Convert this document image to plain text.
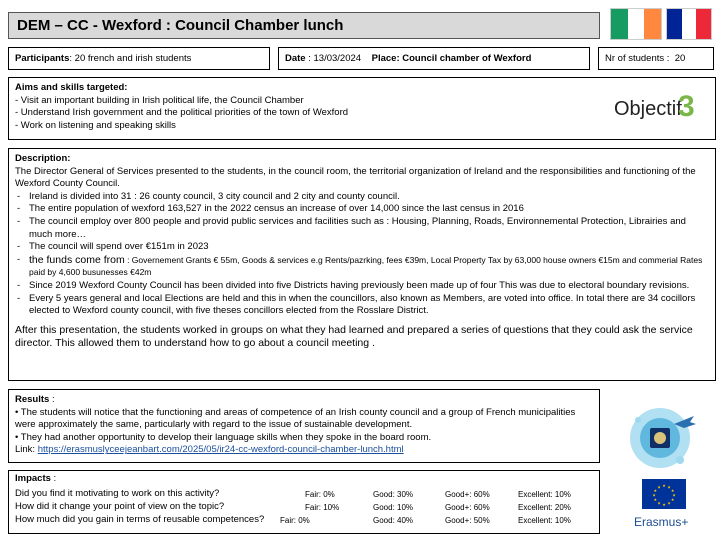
DEM – CC - Wexford : Council Chamber lunch
Participants: 20 french and irish students	Date : 13/03/2024 Place: Council chamber of Wexford	Nr of students : 20
Aims and skills targeted:
- Visit an important building in Irish political life, the Council Chamber
- Understand Irish government and the political priorities of the town of Wexford
- Work on listening and speaking skills
Objectif
3
Description:
The Director General of Services presented to the students, in the council room, the territorial organization of Ireland and the responsibilities and functioning of the Wexford County Council.
- Ireland is divided into 31 : 26 county council, 3 city council and 2 city and county council.
- The entire population of wexford 163,527 in the 2022 census an increase of over 14,000 since the last census in 2016
- The council employ over 800 people and provid public services and facilities such as : Housing, Planning, Roads, Environnemental Protection, Librairies and much more…
- The council will spend over €151m in 2023
- the funds come from : Governement Grants € 55m, Goods & services e.g Rents/pazrking, fees €39m, Local Property Tax by 63,000 house owners €15m and commerial Rates paid by 4,600 busunesses €42m
- Since 2019 Wexford County Council has been divided into five Districts having previously been made up of four This was due to electoral boundary revisions.
- Every 5 years general and local Elections are held and this in when the councillors, also known as Members, are voted into office. In total there are 34 cocillors elected to Wexford county council, with five theses concillors elected from the Rosslare District.
After this presentation, the students worked in groups on what they had learned and prepared a series of questions that they could ask the service director. This allowed them to understand how to go about a council meeting .
Results :
• The students will notice that the functioning and areas of competence of an Irish county council and a group of French municipalities were approximately the same, particularly with regard to the issue of sustainable development.
• They had another opportunity to develop their language skills when they spoke in the board room.
Link: https://erasmuslyceejeanbart.com/2025/05/ir24-cc-wexford-council-chamber-lunch.html
Impacts :
Did you find it motivating to work on this activity?	Fair: 0%	Good: 30%	Good+: 60%	Excellent: 10%
How did it change your point of view on the topic?	Fair: 10%	Good: 10%	Good+: 60%	Excellent: 20%
How much did you gain in terms of reusable competences? Fair: 0%	Good: 40%	Good+: 50%	Excellent: 10%
★ ★
★
★
★
★
★
★
★
★
★
★
Erasmus+
